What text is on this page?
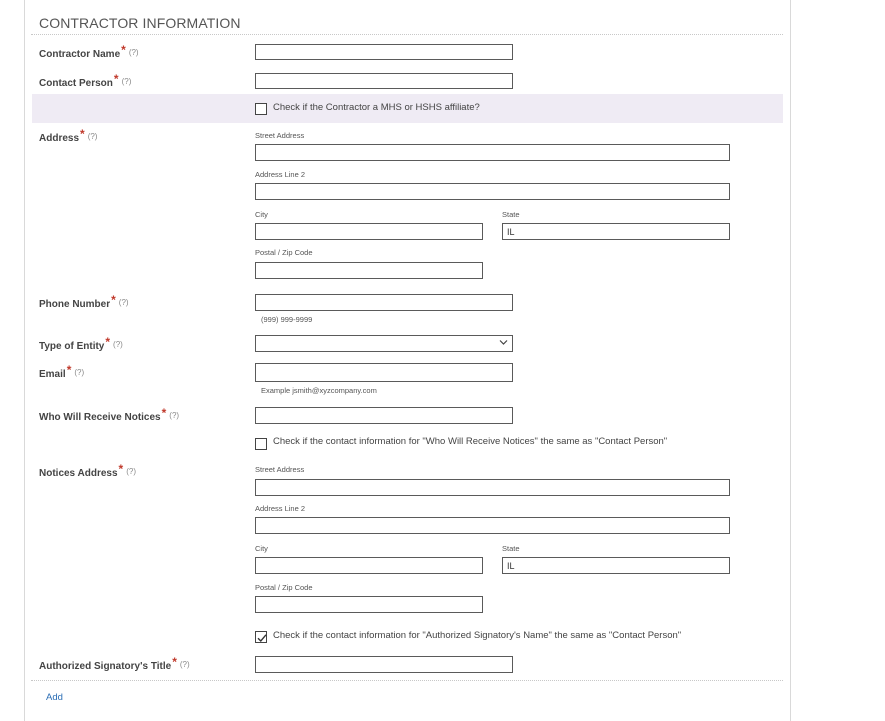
CONTRACTOR INFORMATION
Contractor Name* (?)
Contact Person* (?)
Check if the Contractor a MHS or HSHS affiliate?
Address* (?)	Street Address
Address Line 2
City	State
IL
Postal / Zip Code
Phone Number* (?)
(999) 999-9999
Type of Entity* (?)
Email* (?)
Example jsmith@xyzcompany.com
Who Will Receive Notices* (?)
Check if the contact information for "Who Will Receive Notices" the same as "Contact Person"
Notices Address* (?)	Street Address
Address Line 2
City	State
IL
Postal / Zip Code
Check if the contact information for "Authorized Signatory's Name" the same as "Contact Person"
Authorized Signatory's Title* (?)
Add
